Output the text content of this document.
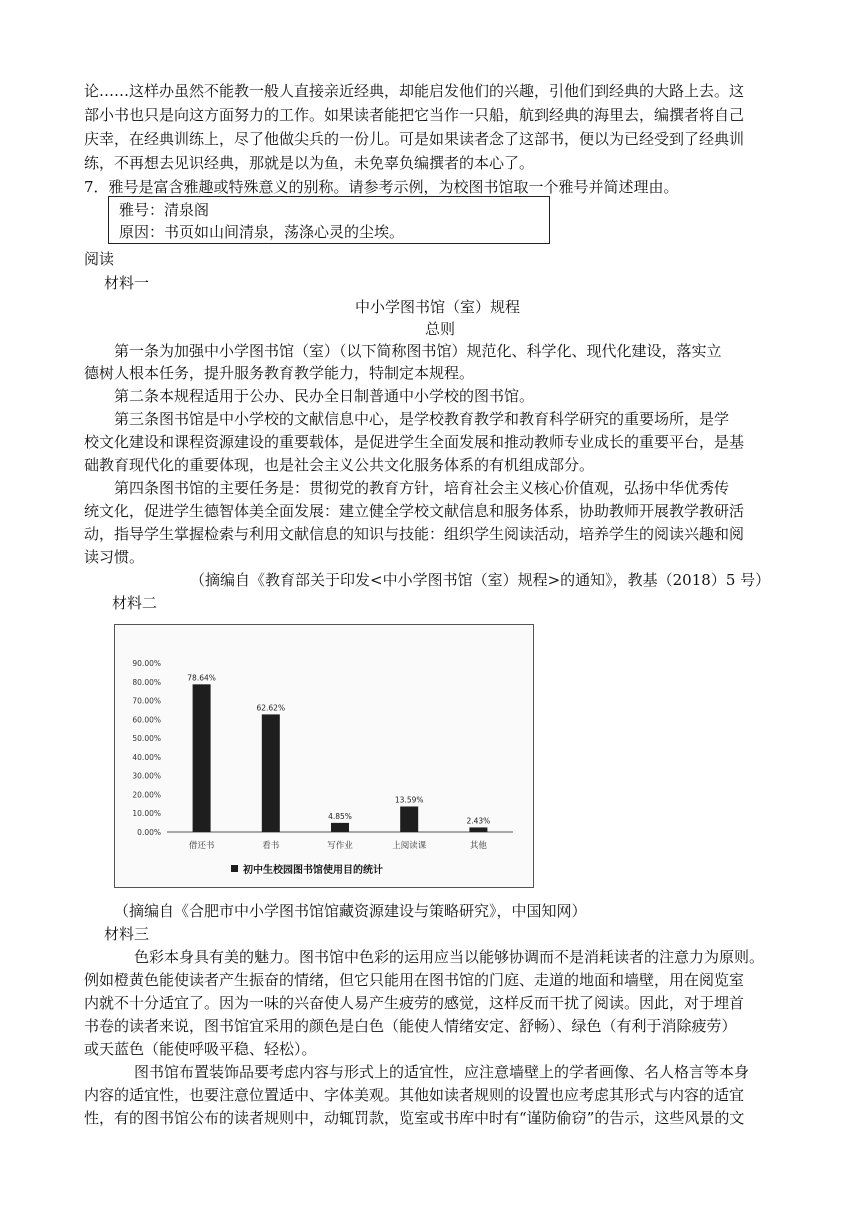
论……这样办虽然不能教一般人直接亲近经典，却能启发他们的兴趣，引他们到经典的大路上去。这
部小书也只是向这方面努力的工作。如果读者能把它当作一只船，航到经典的海里去，编撰者将自己
庆幸，在经典训练上，尽了他做尖兵的一份儿。可是如果读者念了这部书，便以为已经受到了经典训
练，不再想去见识经典，那就是以为鱼，未免辜负编撰者的本心了。
7．雅号是富含雅趣或特殊意义的别称。请参考示例，为校图书馆取一个雅号并简述理由。
雅号：清泉阁
原因：书页如山间清泉，荡涤心灵的尘埃。
阅读
材料一
中小学图书馆（室）规程
总则
第一条为加强中小学图书馆（室）（以下简称图书馆）规范化、科学化、现代化建设，落实立
德树人根本任务，提升服务教育教学能力，特制定本规程。
第二条本规程适用于公办、民办全日制普通中小学校的图书馆。
第三条图书馆是中小学校的文献信息中心，是学校教育教学和教育科学研究的重要场所，是学
校文化建设和课程资源建设的重要载体，是促进学生全面发展和推动教师专业成长的重要平台，是基
础教育现代化的重要体现，也是社会主义公共文化服务体系的有机组成部分。
第四条图书馆的主要任务是：贯彻党的教育方针，培育社会主义核心价值观，弘扬中华优秀传
统文化，促进学生德智体美全面发展：建立健全学校文献信息和服务体系，协助教师开展教学教研活
动，指导学生掌握检索与利用文献信息的知识与技能：组织学生阅读活动，培养学生的阅读兴趣和阅
读习惯。
（摘编自《教育部关于印发<中小学图书馆（室）规程>的通知》，教基（2018）5 号）
材料二
0.00%
10.00%
20.00%
30.00%
40.00%
50.00%
60.00%
70.00%
80.00%
90.00%
78.64%
借还书
62.62%
看书
4.85%
写作业
13.59%
上阅读课
2.43%
其他
初中生校园图书馆使用目的统计
（摘编自《合肥市中小学图书馆馆藏资源建设与策略研究》，中国知网）
材料三
色彩本身具有美的魅力。图书馆中色彩的运用应当以能够协调而不是消耗读者的注意力为原则。
例如橙黄色能使读者产生振奋的情绪，但它只能用在图书馆的门庭、走道的地面和墙壁，用在阅览室
内就不十分适宜了。因为一味的兴奋使人易产生疲劳的感觉，这样反而干扰了阅读。因此，对于埋首
书卷的读者来说，图书馆宜采用的颜色是白色（能使人情绪安定、舒畅）、绿色（有利于消除疲劳）
或天蓝色（能使呼吸平稳、轻松）。
图书馆布置装饰品要考虑内容与形式上的适宜性，应注意墙壁上的学者画像、名人格言等本身
内容的适宜性，也要注意位置适中、字体美观。其他如读者规则的设置也应考虑其形式与内容的适宜
性，有的图书馆公布的读者规则中，动辄罚款，览室或书库中时有“谨防偷窃”的告示，这些风景的文
